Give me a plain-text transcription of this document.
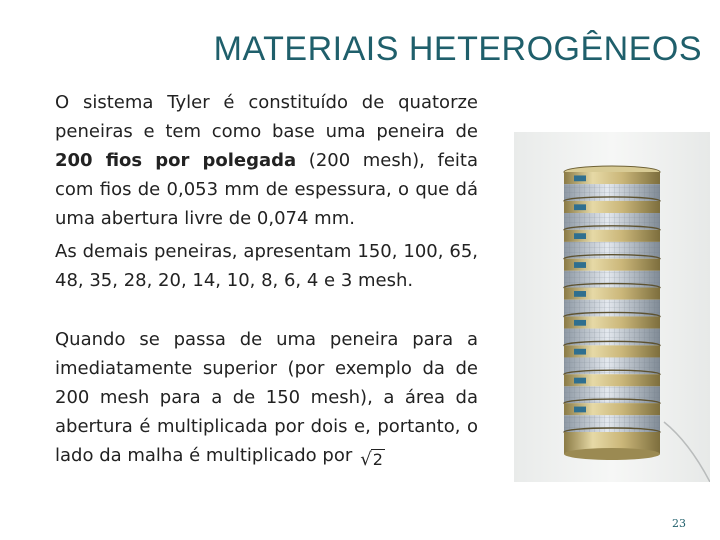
MATERIAIS HETEROGÊNEOS

O sistema Tyler é constituído de quatorze peneiras e tem como base uma peneira de 200 fios por polegada (200 mesh), feita com fios de 0,053 mm de espessura, o que dá uma abertura livre de 0,074 mm.

As demais peneiras, apresentam 150, 100, 65, 48, 35, 28, 20, 14, 10, 8, 6, 4 e 3 mesh.

Quando se passa de uma peneira para a imediatamente superior (por exemplo da de 200 mesh para a de 150 mesh), a área da abertura é multiplicada por dois e, portanto, o lado da malha é multiplicado por √2

23
